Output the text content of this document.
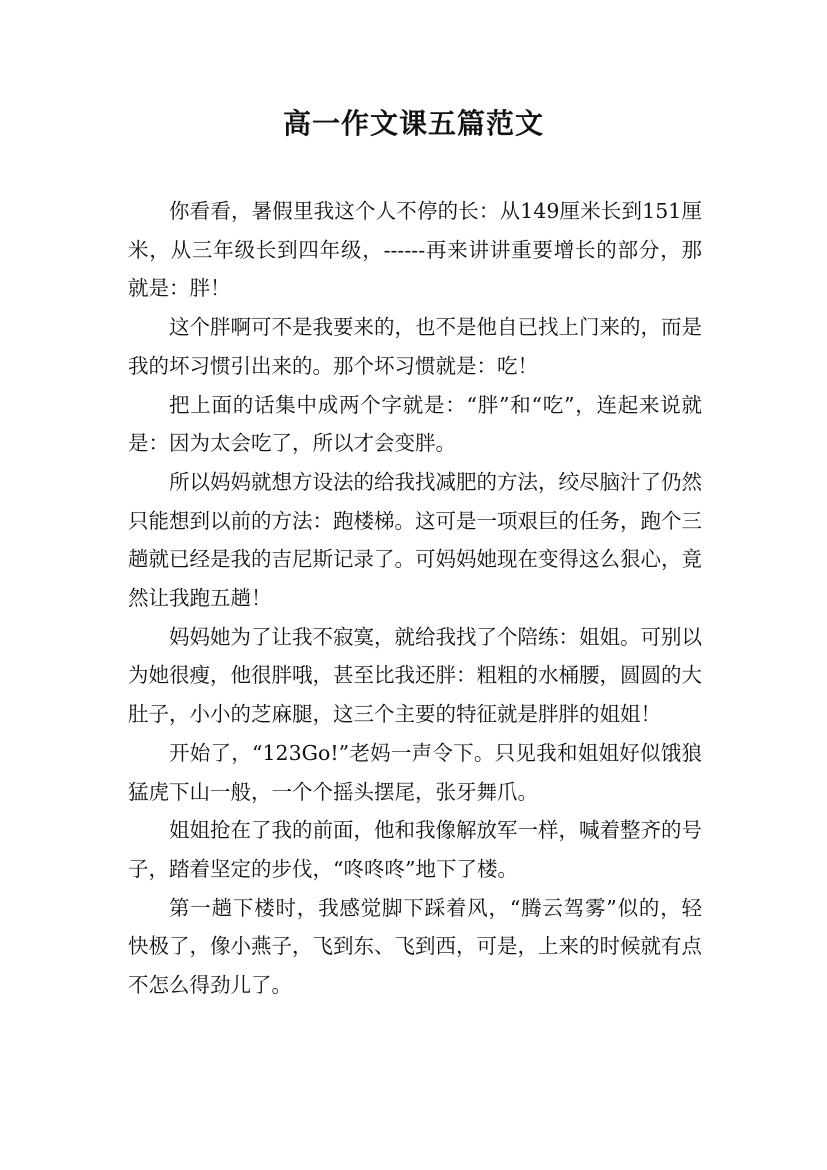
高一作文课五篇范文

你看看，暑假里我这个人不停的长：从149厘米长到151厘米，从三年级长到四年级，------再来讲讲重要增长的部分，那就是：胖！

这个胖啊可不是我要来的，也不是他自已找上门来的，而是我的坏习惯引出来的。那个坏习惯就是：吃！

把上面的话集中成两个字就是：“胖”和“吃”，连起来说就是：因为太会吃了，所以才会变胖。

所以妈妈就想方设法的给我找减肥的方法，绞尽脑汁了仍然只能想到以前的方法：跑楼梯。这可是一项艰巨的任务，跑个三趟就已经是我的吉尼斯记录了。可妈妈她现在变得这么狠心，竟然让我跑五趟！

妈妈她为了让我不寂寞，就给我找了个陪练：姐姐。可别以为她很瘦，他很胖哦，甚至比我还胖：粗粗的水桶腰，圆圆的大肚子，小小的芝麻腿，这三个主要的特征就是胖胖的姐姐！

开始了，“123Go!”老妈一声令下。只见我和姐姐好似饿狼猛虎下山一般，一个个摇头摆尾，张牙舞爪。

姐姐抢在了我的前面，他和我像解放军一样，喊着整齐的号子，踏着坚定的步伐，“咚咚咚”地下了楼。

第一趟下楼时，我感觉脚下踩着风，“腾云驾雾”似的，轻快极了，像小燕子，飞到东、飞到西，可是，上来的时候就有点不怎么得劲儿了。
